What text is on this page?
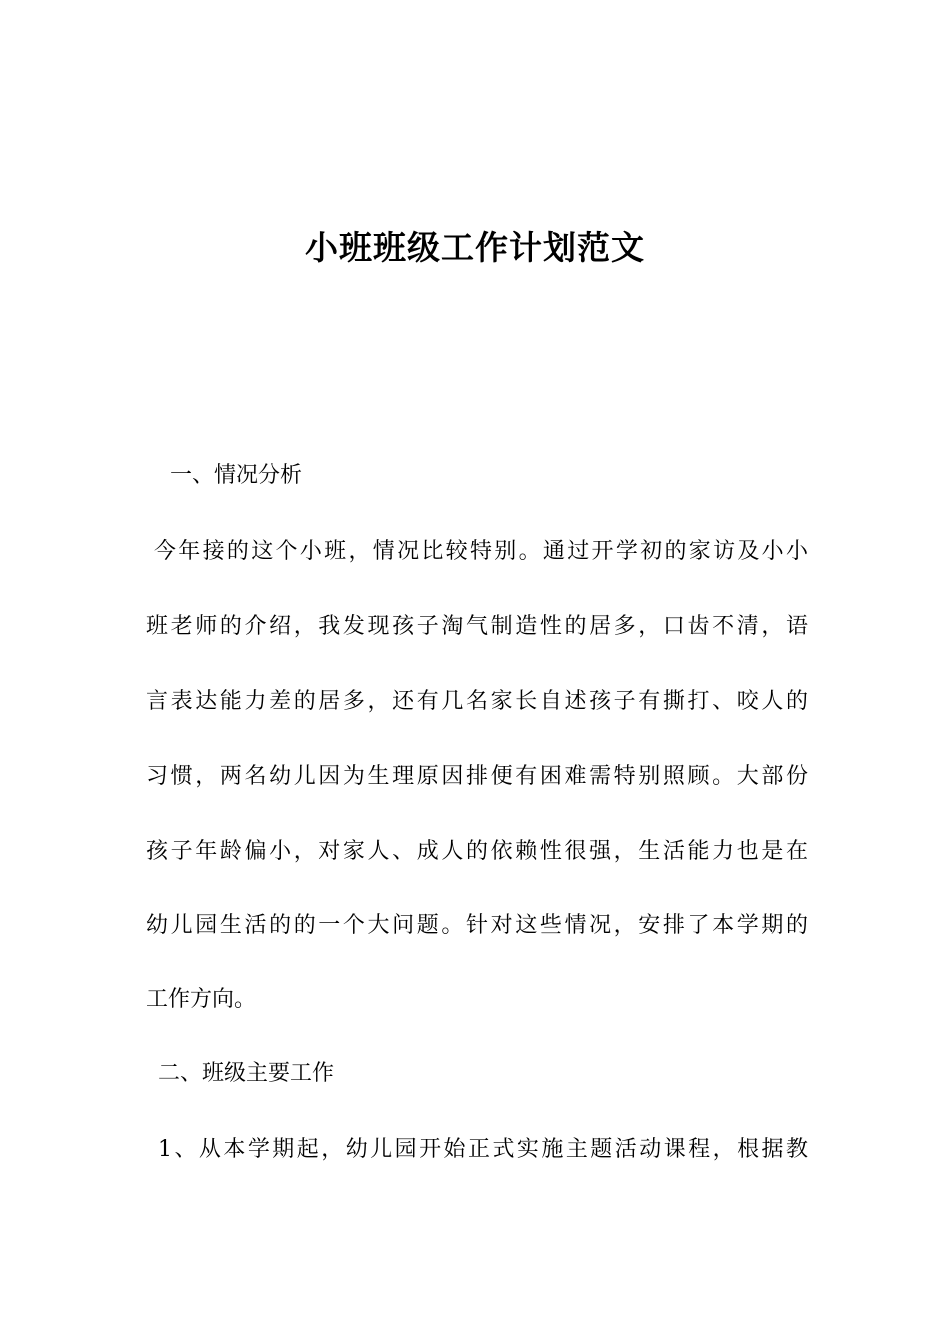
小班班级工作计划范文
一、情况分析
今年接的这个小班，情况比较特别。通过开学初的家访及小小
班老师的介绍，我发现孩子淘气制造性的居多，口齿不清，语
言表达能力差的居多，还有几名家长自述孩子有撕打、咬人的
习惯，两名幼儿因为生理原因排便有困难需特别照顾。大部份
孩子年龄偏小，对家人、成人的依赖性很强，生活能力也是在
幼儿园生活的的一个大问题。针对这些情况，安排了本学期的
工作方向。
二、班级主要工作
1、从本学期起，幼儿园开始正式实施主题活动课程，根据教
